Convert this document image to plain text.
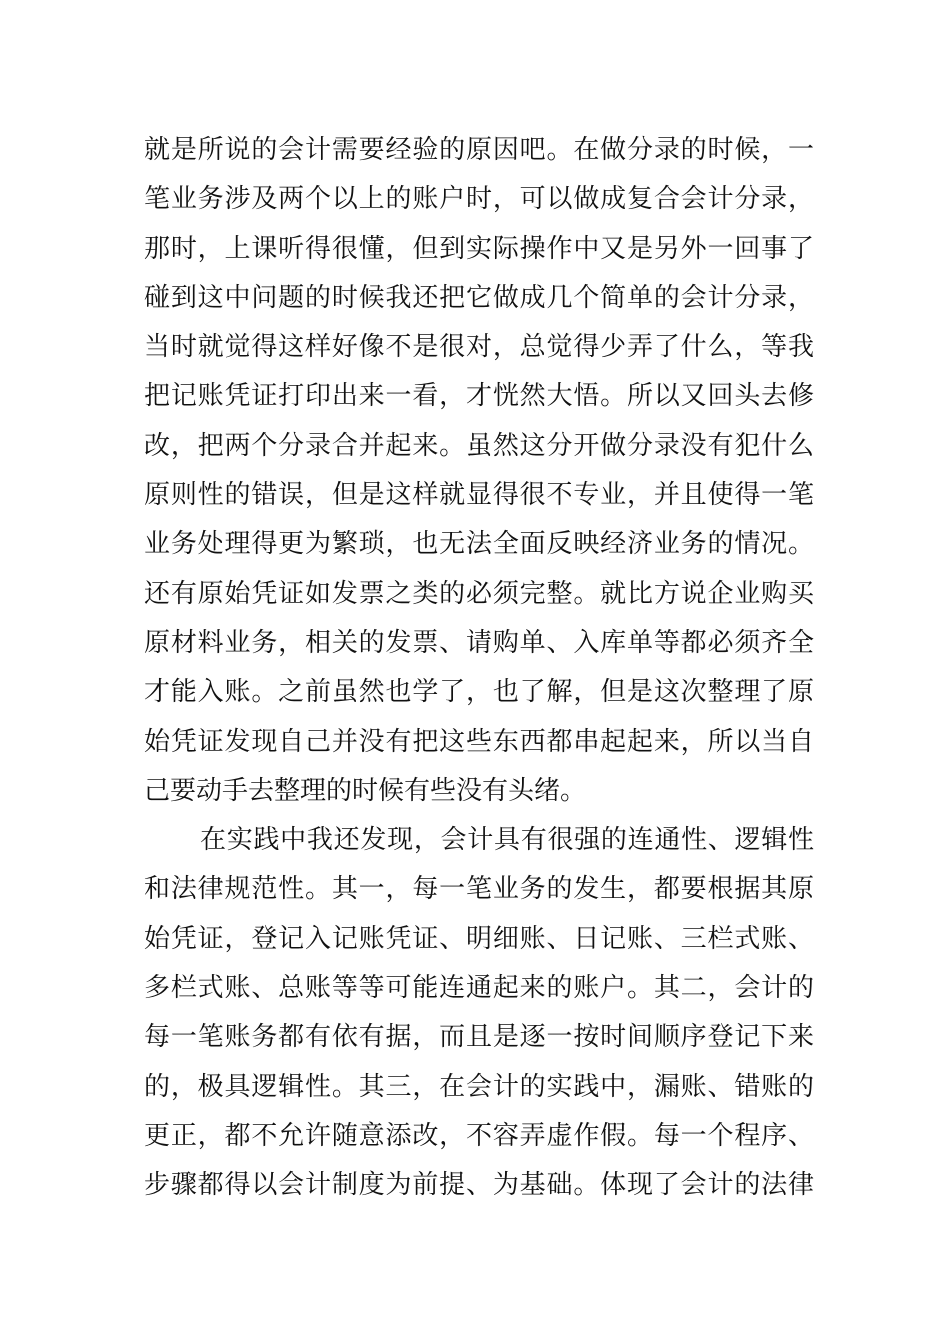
就是所说的会计需要经验的原因吧。在做分录的时候，一
笔业务涉及两个以上的账户时，可以做成复合会计分录，
那时，上课听得很懂，但到实际操作中又是另外一回事了
碰到这中问题的时候我还把它做成几个简单的会计分录，
当时就觉得这样好像不是很对，总觉得少弄了什么，等我
把记账凭证打印出来一看，才恍然大悟。所以又回头去修
改，把两个分录合并起来。虽然这分开做分录没有犯什么
原则性的错误，但是这样就显得很不专业，并且使得一笔
业务处理得更为繁琐，也无法全面反映经济业务的情况。
还有原始凭证如发票之类的必须完整。就比方说企业购买
原材料业务，相关的发票、请购单、入库单等都必须齐全
才能入账。之前虽然也学了，也了解，但是这次整理了原
始凭证发现自己并没有把这些东西都串起起来，所以当自
己要动手去整理的时候有些没有头绪。
在实践中我还发现，会计具有很强的连通性、逻辑性
和法律规范性。其一，每一笔业务的发生，都要根据其原
始凭证，登记入记账凭证、明细账、日记账、三栏式账、
多栏式账、总账等等可能连通起来的账户。其二，会计的
每一笔账务都有依有据，而且是逐一按时间顺序登记下来
的，极具逻辑性。其三，在会计的实践中，漏账、错账的
更正，都不允许随意添改，不容弄虚作假。每一个程序、
步骤都得以会计制度为前提、为基础。体现了会计的法律
